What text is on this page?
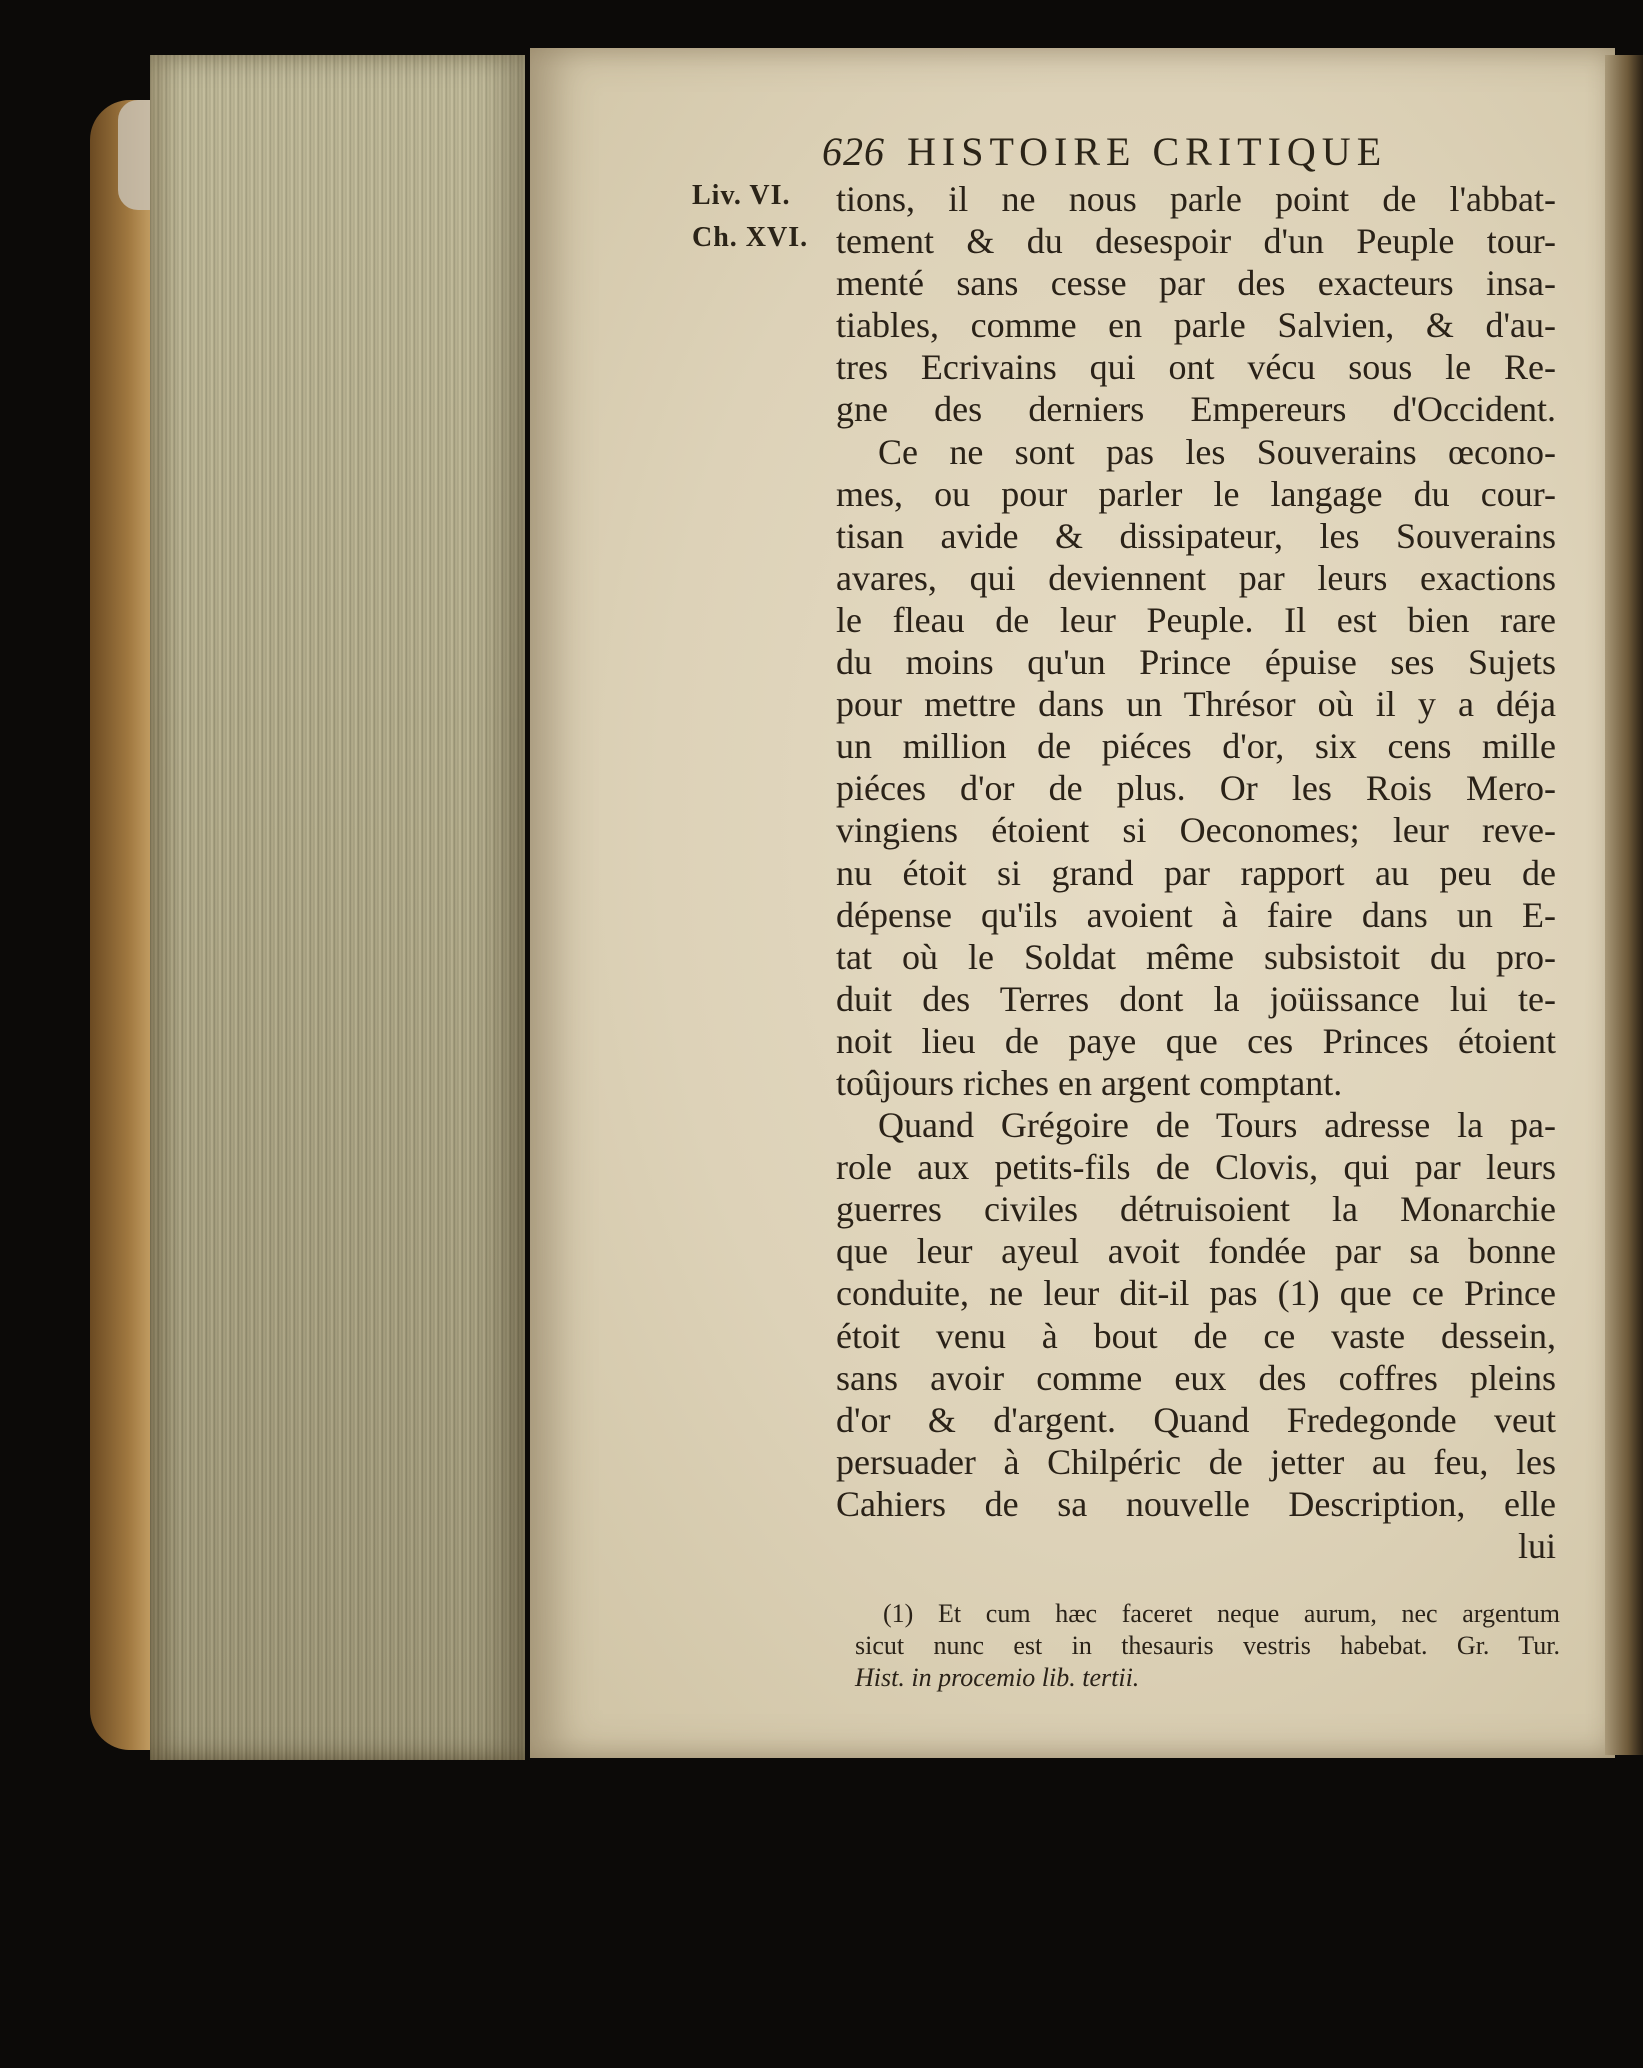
626 HISTOIRE CRITIQUE
Liv. VI.
Ch. XVI.
tions, il ne nous parle point de l'abbat-
tement & du desespoir d'un Peuple tour-
menté sans cesse par des exacteurs insa-
tiables, comme en parle Salvien, & d'au-
tres Ecrivains qui ont vécu sous le Re-
gne des derniers Empereurs d'Occident.
Ce ne sont pas les Souverains œcono-
mes, ou pour parler le langage du cour-
tisan avide & dissipateur, les Souverains
avares, qui deviennent par leurs exactions
le fleau de leur Peuple. Il est bien rare
du moins qu'un Prince épuise ses Sujets
pour mettre dans un Thrésor où il y a déja
un million de piéces d'or, six cens mille
piéces d'or de plus. Or les Rois Mero-
vingiens étoient si Oeconomes; leur reve-
nu étoit si grand par rapport au peu de
dépense qu'ils avoient à faire dans un E-
tat où le Soldat même subsistoit du pro-
duit des Terres dont la joüissance lui te-
noit lieu de paye que ces Princes étoient
toûjours riches en argent comptant.
Quand Grégoire de Tours adresse la pa-
role aux petits-fils de Clovis, qui par leurs
guerres civiles détruisoient la Monarchie
que leur ayeul avoit fondée par sa bonne
conduite, ne leur dit-il pas (1) que ce Prince
étoit venu à bout de ce vaste dessein,
sans avoir comme eux des coffres pleins
d'or & d'argent. Quand Fredegonde veut
persuader à Chilpéric de jetter au feu, les
Cahiers de sa nouvelle Description, elle
lui
(1) Et cum hæc faceret neque aurum, nec argentum
sicut nunc est in thesauris vestris habebat. Gr. Tur.
Hist. in procemio lib. tertii.
